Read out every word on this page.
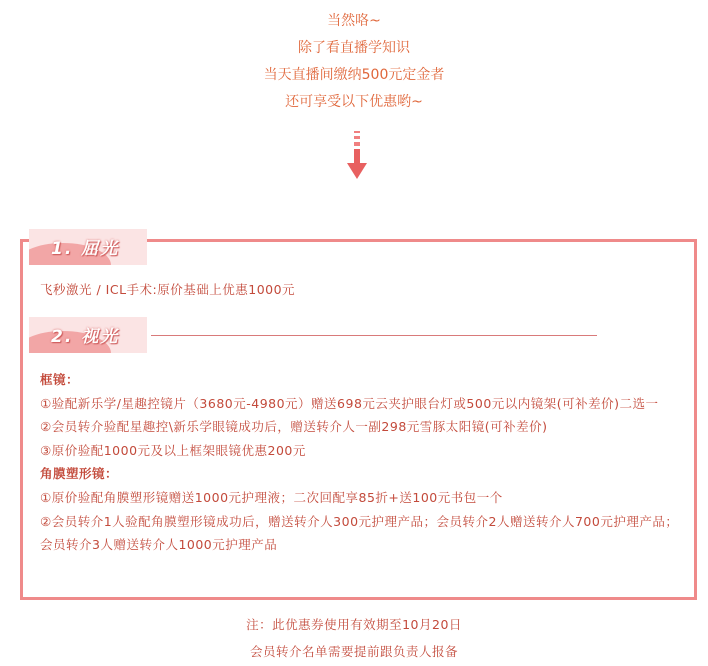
当然咯~
除了看直播学知识
当天直播间缴纳500元定金者
还可享受以下优惠哟~
1. 屈光
飞秒激光 / ICL手术:原价基础上优惠1000元
2. 视光
框镜：
①验配新乐学/星趣控镜片（3680元-4980元）赠送698元云夹护眼台灯或500元以内镜架(可补差价)二选一
②会员转介验配星趣控\新乐学眼镜成功后，赠送转介人一副298元雪豚太阳镜(可补差价)
③原价验配1000元及以上框架眼镜优惠200元
角膜塑形镜：
①原价验配角膜塑形镜赠送1000元护理液；二次回配享85折+送100元书包一个
②会员转介1人验配角膜塑形镜成功后，赠送转介人300元护理产品；会员转介2人赠送转介人700元护理产品；会员转介3人赠送转介人1000元护理产品
注：此优惠券使用有效期至10月20日
会员转介名单需要提前跟负责人报备
